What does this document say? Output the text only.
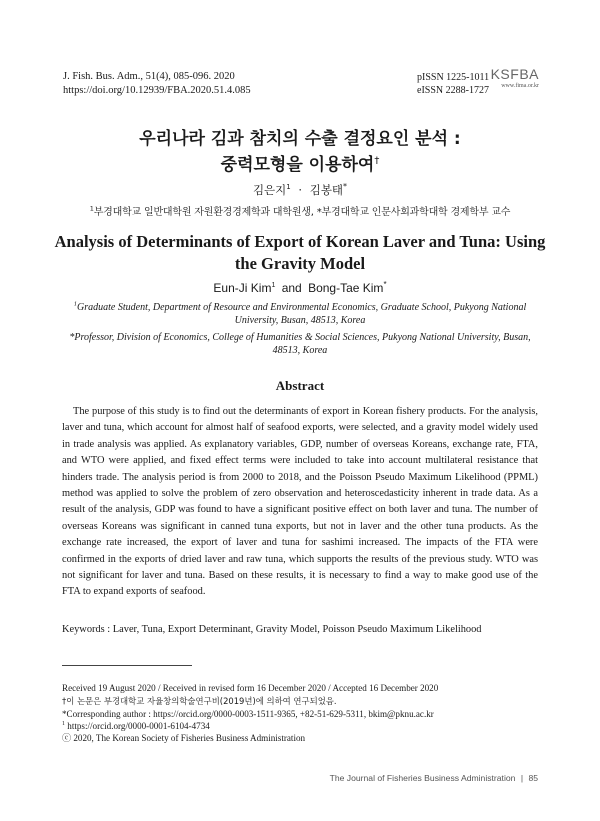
J. Fish. Bus. Adm., 51(4), 085-096. 2020
https://doi.org/10.12939/FBA.2020.51.4.085
pISSN 1225-1011
eISSN 2288-1727
KSFBA
www.fima.or.kr
우리나라 김과 참치의 수출 결정요인 분석 :
중력모형을 이용하여†
김은지$^1$ · 김봉태*
$^1$부경대학교 일반대학원 자원환경경제학과 대학원생, *부경대학교 인문사회과학대학 경제학부 교수
Analysis of Determinants of Export of Korean Laver and Tuna: Using
the Gravity Model
Eun-Ji Kim$^1$ and Bong-Tae Kim*
$^1$Graduate Student, Department of Resource and Environmental Economics, Graduate School, Pukyong National
University, Busan, 48513, Korea
*Professor, Division of Economics, College of Humanities & Social Sciences, Pukyong National University, Busan,
48513, Korea
Abstract

The purpose of this study is to find out the determinants of export in Korean fishery products. For the analysis, laver and tuna, which account for almost half of seafood exports, were selected, and a gravity model widely used in trade analysis was applied. As explanatory variables, GDP, number of overseas Koreans, exchange rate, FTA, and WTO were applied, and fixed effect terms were included to take into account multilateral resistance that hinders trade. The analysis period is from 2000 to 2018, and the Poisson Pseudo Maximum Likelihood (PPML) method was applied to solve the problem of zero observation and heteroscedasticity inherent in trade data. As a result of the analysis, GDP was found to have a significant positive effect on both laver and tuna. The number of overseas Koreans was significant in canned tuna exports, but not in laver and the other tuna products. As the exchange rate increased, the export of laver and tuna for sashimi increased. The impacts of the FTA were confirmed in the exports of dried laver and raw tuna, which supports the results of the previous study. WTO was not significant for laver and tuna. Based on these results, it is necessary to find a way to make good use of the FTA to expand exports of seafood.

Keywords : Laver, Tuna, Export Determinant, Gravity Model, Poisson Pseudo Maximum Likelihood
Received 19 August 2020 / Received in revised form 16 December 2020 / Accepted 16 December 2020
†이 논문은 부경대학교 자율창의학술연구비(2019년)에 의하여 연구되었음.
*Corresponding author : https://orcid.org/0000-0003-1511-9365, +82-51-629-5311, bkim@pknu.ac.kr
$^1$ https://orcid.org/0000-0001-6104-4734
ⓒ 2020, The Korean Society of Fisheries Business Administration
The Journal of Fisheries Business Administration | 85
